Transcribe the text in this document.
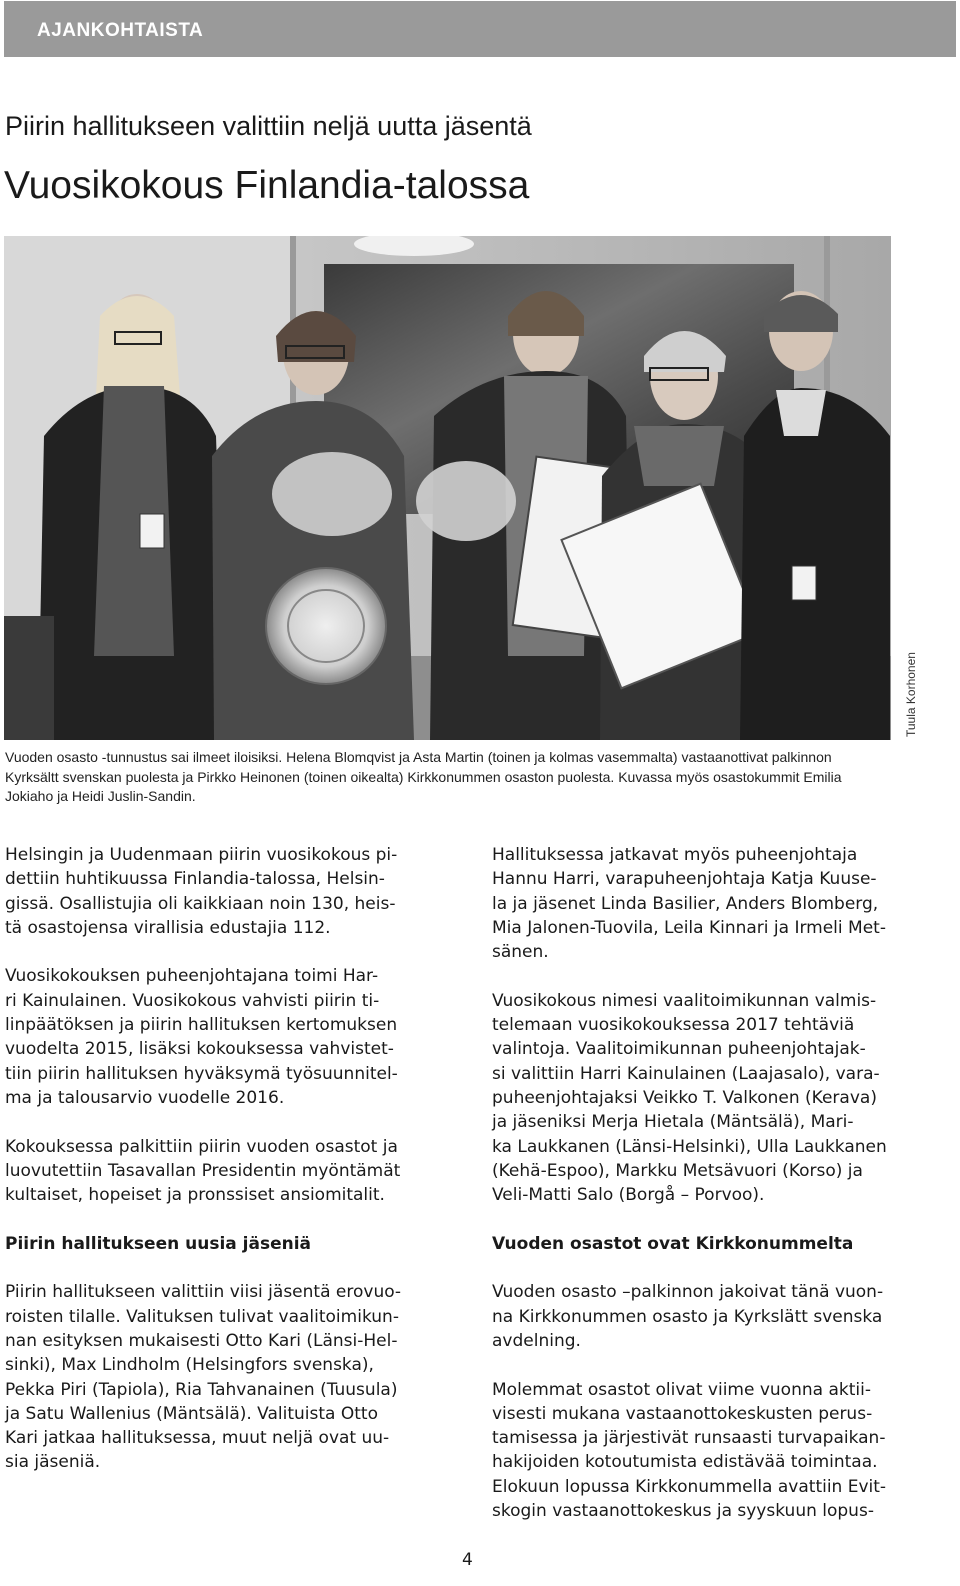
AJANKOHTAISTA
Piirin hallitukseen valittiin neljä uutta jäsentä
Vuosikokous Finlandia-talossa
Tuula Korhonen

Vuoden osasto -tunnustus sai ilmeet iloisiksi. Helena Blomqvist ja Asta Martin (toinen ja kolmas vasemmalta) vastaanottivat palkinnon Kyrksältt svenskan puolesta ja Pirkko Heinonen (toinen oikealta) Kirkkonummen osaston puolesta. Kuvassa myös osastokummit Emilia Jokiaho ja Heidi Juslin-Sandin.

Helsingin ja Uudenmaan piirin vuosikokous pi-
dettiin huhtikuussa Finlandia-talossa, Helsin-
gissä. Osallistujia oli kaikkiaan noin 130, heis-
tä osastojensa virallisia edustajia 112.

Vuosikokouksen puheenjohtajana toimi Har-
ri Kainulainen. Vuosikokous vahvisti piirin ti-
linpäätöksen ja piirin hallituksen kertomuksen
vuodelta 2015, lisäksi kokouksessa vahvistet-
tiin piirin hallituksen hyväksymä työsuunnitel-
ma ja talousarvio vuodelle 2016.

Kokouksessa palkittiin piirin vuoden osastot ja
luovutettiin Tasavallan Presidentin myöntämät
kultaiset, hopeiset ja pronssiset ansiomitalit.

Piirin hallitukseen uusia jäseniä

Piirin hallitukseen valittiin viisi jäsentä erovuo-
roisten tilalle. Valituksen tulivat vaalitoimikun-
nan esityksen mukaisesti Otto Kari (Länsi-Hel-
sinki), Max Lindholm (Helsingfors svenska),
Pekka Piri (Tapiola), Ria Tahvanainen (Tuusula)
ja Satu Wallenius (Mäntsälä). Valituista Otto
Kari jatkaa hallituksessa, muut neljä ovat uu-
sia jäseniä.

Hallituksessa jatkavat myös puheenjohtaja
Hannu Harri, varapuheenjohtaja Katja Kuuse-
la ja jäsenet Linda Basilier, Anders Blomberg,
Mia Jalonen-Tuovila, Leila Kinnari ja Irmeli Met-
sänen.

Vuosikokous nimesi vaalitoimikunnan valmis-
telemaan vuosikokouksessa 2017 tehtäviä
valintoja. Vaalitoimikunnan puheenjohtajak-
si valittiin Harri Kainulainen (Laajasalo), vara-
puheenjohtajaksi Veikko T. Valkonen (Kerava)
ja jäseniksi Merja Hietala (Mäntsälä), Mari-
ka Laukkanen (Länsi-Helsinki), Ulla Laukkanen
(Kehä-Espoo), Markku Metsävuori (Korso) ja
Veli-Matti Salo (Borgå – Porvoo).

Vuoden osastot ovat Kirkkonummelta

Vuoden osasto –palkinnon jakoivat tänä vuon-
na Kirkkonummen osasto ja Kyrkslätt svenska
avdelning.

Molemmat osastot olivat viime vuonna aktii-
visesti mukana vastaanottokeskusten perus-
tamisessa ja järjestivät runsaasti turvapaikan-
hakijoiden kotoutumista edistävää toimintaa.
Elokuun lopussa Kirkkonummella avattiin Evit-
skogin vastaanottokeskus ja syyskuun lopus-

4
